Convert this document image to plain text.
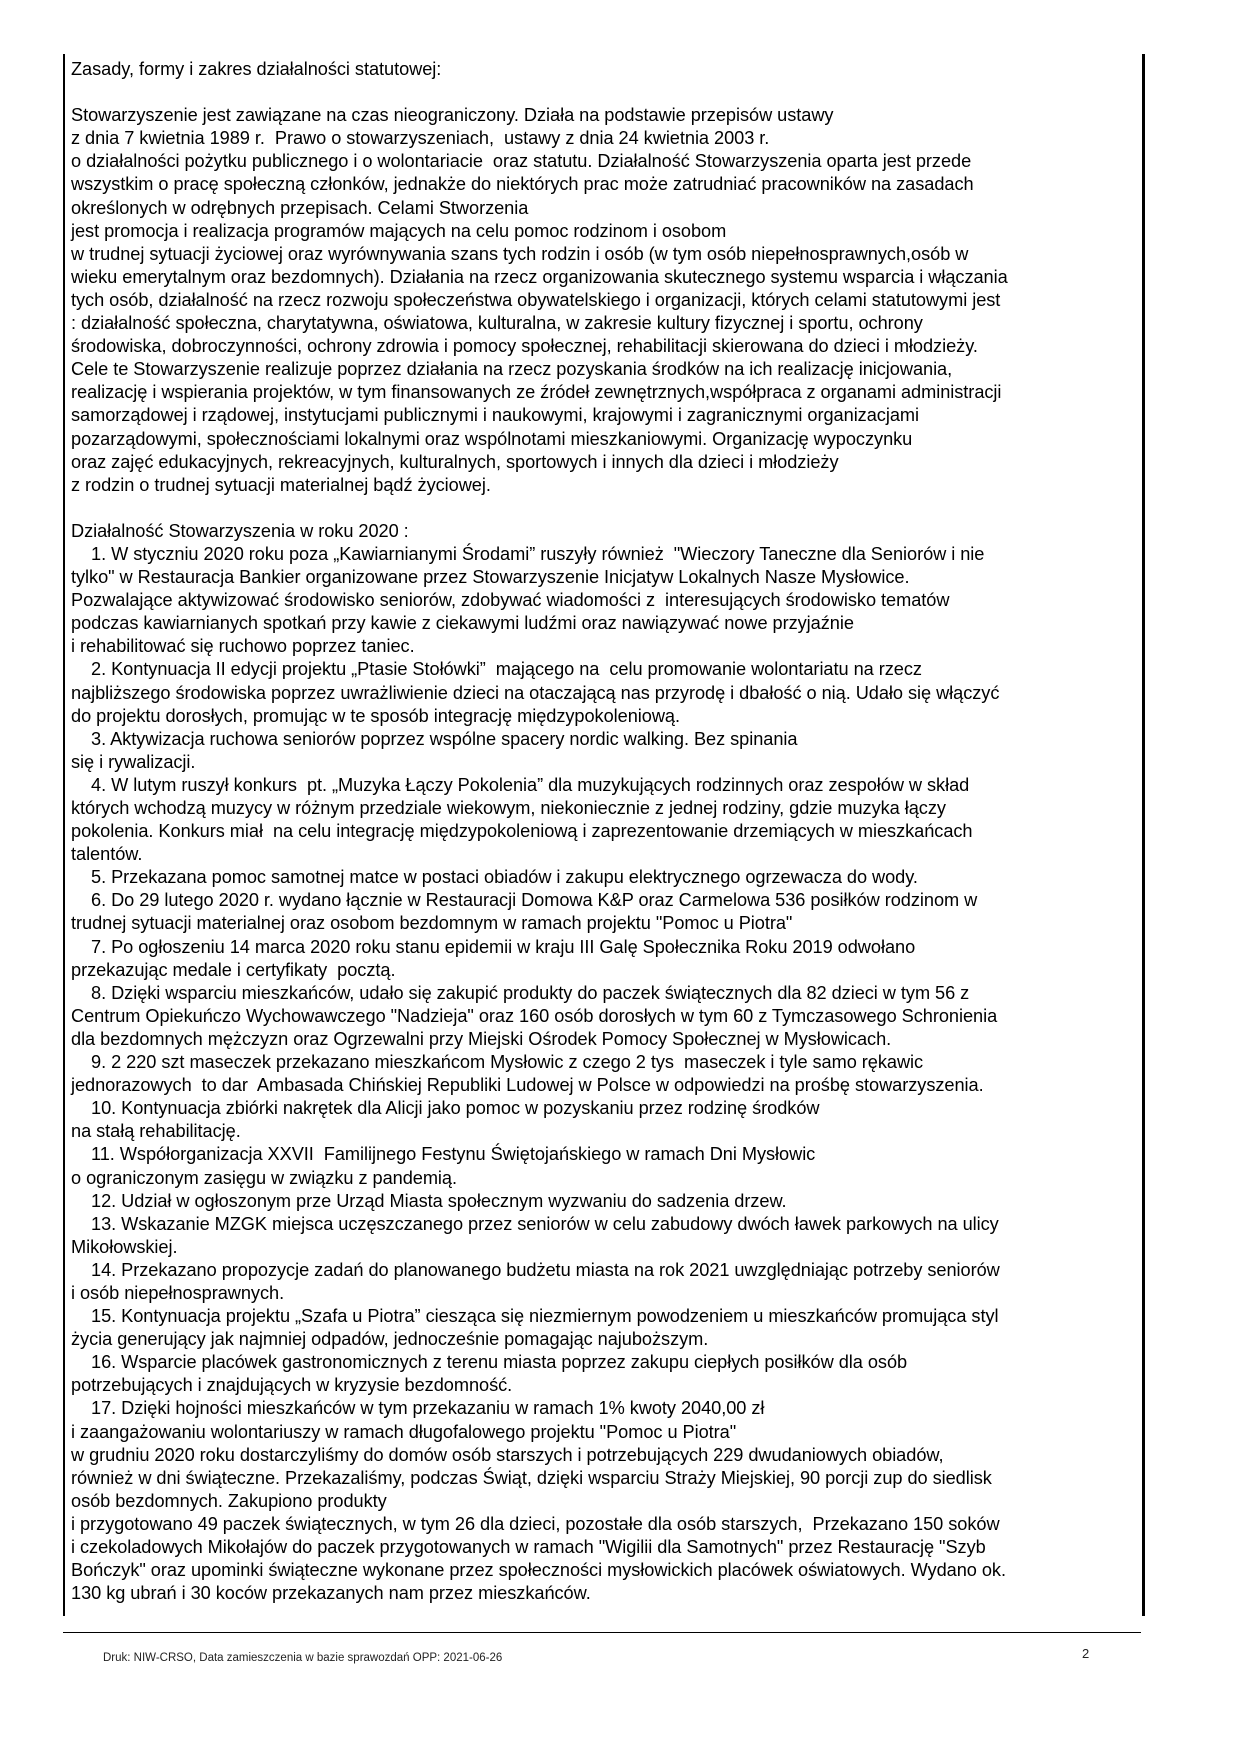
Zasady, formy i zakres działalności statutowej:

Stowarzyszenie jest zawiązane na czas nieograniczony. Działa na podstawie przepisów ustawy

z dnia 7 kwietnia 1989 r.  Prawo o stowarzyszeniach,  ustawy z dnia 24 kwietnia 2003 r.

o działalności pożytku publicznego i o wolontariacie  oraz statutu. Działalność Stowarzyszenia oparta jest przede

wszystkim o pracę społeczną członków, jednakże do niektórych prac może zatrudniać pracowników na zasadach

określonych w odrębnych przepisach. Celami Stworzenia

jest promocja i realizacja programów mających na celu pomoc rodzinom i osobom

w trudnej sytuacji życiowej oraz wyrównywania szans tych rodzin i osób (w tym osób niepełnosprawnych,osób w

wieku emerytalnym oraz bezdomnych). Działania na rzecz organizowania skutecznego systemu wsparcia i włączania

tych osób, działalność na rzecz rozwoju społeczeństwa obywatelskiego i organizacji, których celami statutowymi jest

: działalność społeczna, charytatywna, oświatowa, kulturalna, w zakresie kultury fizycznej i sportu, ochrony

środowiska, dobroczynności, ochrony zdrowia i pomocy społecznej, rehabilitacji skierowana do dzieci i młodzieży.

Cele te Stowarzyszenie realizuje poprzez działania na rzecz pozyskania środków na ich realizację inicjowania,

realizację i wspierania projektów, w tym finansowanych ze źródeł zewnętrznych,współpraca z organami administracji

samorządowej i rządowej, instytucjami publicznymi i naukowymi, krajowymi i zagranicznymi organizacjami

pozarządowymi, społecznościami lokalnymi oraz wspólnotami mieszkaniowymi. Organizację wypoczynku

oraz zajęć edukacyjnych, rekreacyjnych, kulturalnych, sportowych i innych dla dzieci i młodzieży

z rodzin o trudnej sytuacji materialnej bądź życiowej.

Działalność Stowarzyszenia w roku 2020 :

1. W styczniu 2020 roku poza „Kawiarnianymi Środami” ruszyły również  "Wieczory Taneczne dla Seniorów i nie

tylko" w Restauracja Bankier organizowane przez Stowarzyszenie Inicjatyw Lokalnych Nasze Mysłowice.

Pozwalające aktywizować środowisko seniorów, zdobywać wiadomości z  interesujących środowisko tematów

podczas kawiarnianych spotkań przy kawie z ciekawymi ludźmi oraz nawiązywać nowe przyjaźnie

i rehabilitować się ruchowo poprzez taniec.

2. Kontynuacja II edycji projektu „Ptasie Stołówki”  mającego na  celu promowanie wolontariatu na rzecz

najbliższego środowiska poprzez uwrażliwienie dzieci na otaczającą nas przyrodę i dbałość o nią. Udało się włączyć

do projektu dorosłych, promując w te sposób integrację międzypokoleniową.

3. Aktywizacja ruchowa seniorów poprzez wspólne spacery nordic walking. Bez spinania

się i rywalizacji.

4. W lutym ruszył konkurs  pt. „Muzyka Łączy Pokolenia” dla muzykujących rodzinnych oraz zespołów w skład

których wchodzą muzycy w różnym przedziale wiekowym, niekoniecznie z jednej rodziny, gdzie muzyka łączy

pokolenia. Konkurs miał  na celu integrację międzypokoleniową i zaprezentowanie drzemiących w mieszkańcach

talentów.

5. Przekazana pomoc samotnej matce w postaci obiadów i zakupu elektrycznego ogrzewacza do wody.

6. Do 29 lutego 2020 r. wydano łącznie w Restauracji Domowa K&P oraz Carmelowa 536 posiłków rodzinom w

trudnej sytuacji materialnej oraz osobom bezdomnym w ramach projektu "Pomoc u Piotra"

7. Po ogłoszeniu 14 marca 2020 roku stanu epidemii w kraju III Galę Społecznika Roku 2019 odwołano

przekazując medale i certyfikaty  pocztą.

8. Dzięki wsparciu mieszkańców, udało się zakupić produkty do paczek świątecznych dla 82 dzieci w tym 56 z

Centrum Opiekuńczo Wychowawczego "Nadzieja" oraz 160 osób dorosłych w tym 60 z Tymczasowego Schronienia

dla bezdomnych mężczyzn oraz Ogrzewalni przy Miejski Ośrodek Pomocy Społecznej w Mysłowicach.

9. 2 220 szt maseczek przekazano mieszkańcom Mysłowic z czego 2 tys  maseczek i tyle samo rękawic

jednorazowych  to dar  Ambasada Chińskiej Republiki Ludowej w Polsce w odpowiedzi na prośbę stowarzyszenia.

10. Kontynuacja zbiórki nakrętek dla Alicji jako pomoc w pozyskaniu przez rodzinę środków

na stałą rehabilitację.

11. Współorganizacja XXVII  Familijnego Festynu Świętojańskiego w ramach Dni Mysłowic

o ograniczonym zasięgu w związku z pandemią.

12. Udział w ogłoszonym prze Urząd Miasta społecznym wyzwaniu do sadzenia drzew.

13. Wskazanie MZGK miejsca uczęszczanego przez seniorów w celu zabudowy dwóch ławek parkowych na ulicy

Mikołowskiej.

14. Przekazano propozycje zadań do planowanego budżetu miasta na rok 2021 uwzględniając potrzeby seniorów

i osób niepełnosprawnych.

15. Kontynuacja projektu „Szafa u Piotra” ciesząca się niezmiernym powodzeniem u mieszkańców promująca styl

życia generujący jak najmniej odpadów, jednocześnie pomagając najuboższym.

16. Wsparcie placówek gastronomicznych z terenu miasta poprzez zakupu ciepłych posiłków dla osób

potrzebujących i znajdujących w kryzysie bezdomność.

17. Dzięki hojności mieszkańców w tym przekazaniu w ramach 1% kwoty 2040,00 zł

i zaangażowaniu wolontariuszy w ramach długofalowego projektu "Pomoc u Piotra"

w grudniu 2020 roku dostarczyliśmy do domów osób starszych i potrzebujących 229 dwudaniowych obiadów,

również w dni świąteczne. Przekazaliśmy, podczas Świąt, dzięki wsparciu Straży Miejskiej, 90 porcji zup do siedlisk

osób bezdomnych. Zakupiono produkty

i przygotowano 49 paczek świątecznych, w tym 26 dla dzieci, pozostałe dla osób starszych,  Przekazano 150 soków

i czekoladowych Mikołajów do paczek przygotowanych w ramach "Wigilii dla Samotnych" przez Restaurację "Szyb

Bończyk" oraz upominki świąteczne wykonane przez społeczności mysłowickich placówek oświatowych. Wydano ok.

130 kg ubrań i 30 koców przekazanych nam przez mieszkańców.

Druk: NIW-CRSO, Data zamieszczenia w bazie sprawozdań OPP: 2021-06-26	2
